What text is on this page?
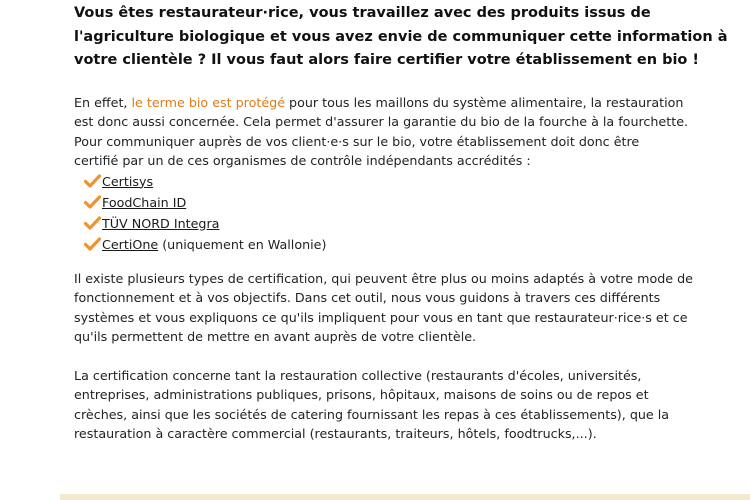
Vous êtes restaurateur·rice, vous travaillez avec des produits issus de
l'agriculture biologique et vous avez envie de communiquer cette information à
votre clientèle ? Il vous faut alors faire certifier votre établissement en bio !

En effet, le terme bio est protégé pour tous les maillons du système alimentaire, la restauration
est donc aussi concernée. Cela permet d'assurer la garantie du bio de la fourche à la fourchette.
Pour communiquer auprès de vos client·e·s sur le bio, votre établissement doit donc être
certifié par un de ces organismes de contrôle indépendants accrédités :

Certisys
FoodChain ID
TÜV NORD Integra
CertiOne (uniquement en Wallonie)

Il existe plusieurs types de certification, qui peuvent être plus ou moins adaptés à votre mode de
fonctionnement et à vos objectifs. Dans cet outil, nous vous guidons à travers ces différents
systèmes et vous expliquons ce qu'ils impliquent pour vous en tant que restaurateur·rice·s et ce
qu'ils permettent de mettre en avant auprès de votre clientèle.

La certification concerne tant la restauration collective (restaurants d'écoles, universités,
entreprises, administrations publiques, prisons, hôpitaux, maisons de soins ou de repos et
crèches, ainsi que les sociétés de catering fournissant les repas à ces établissements), que la
restauration à caractère commercial (restaurants, traiteurs, hôtels, foodtrucks,...).
